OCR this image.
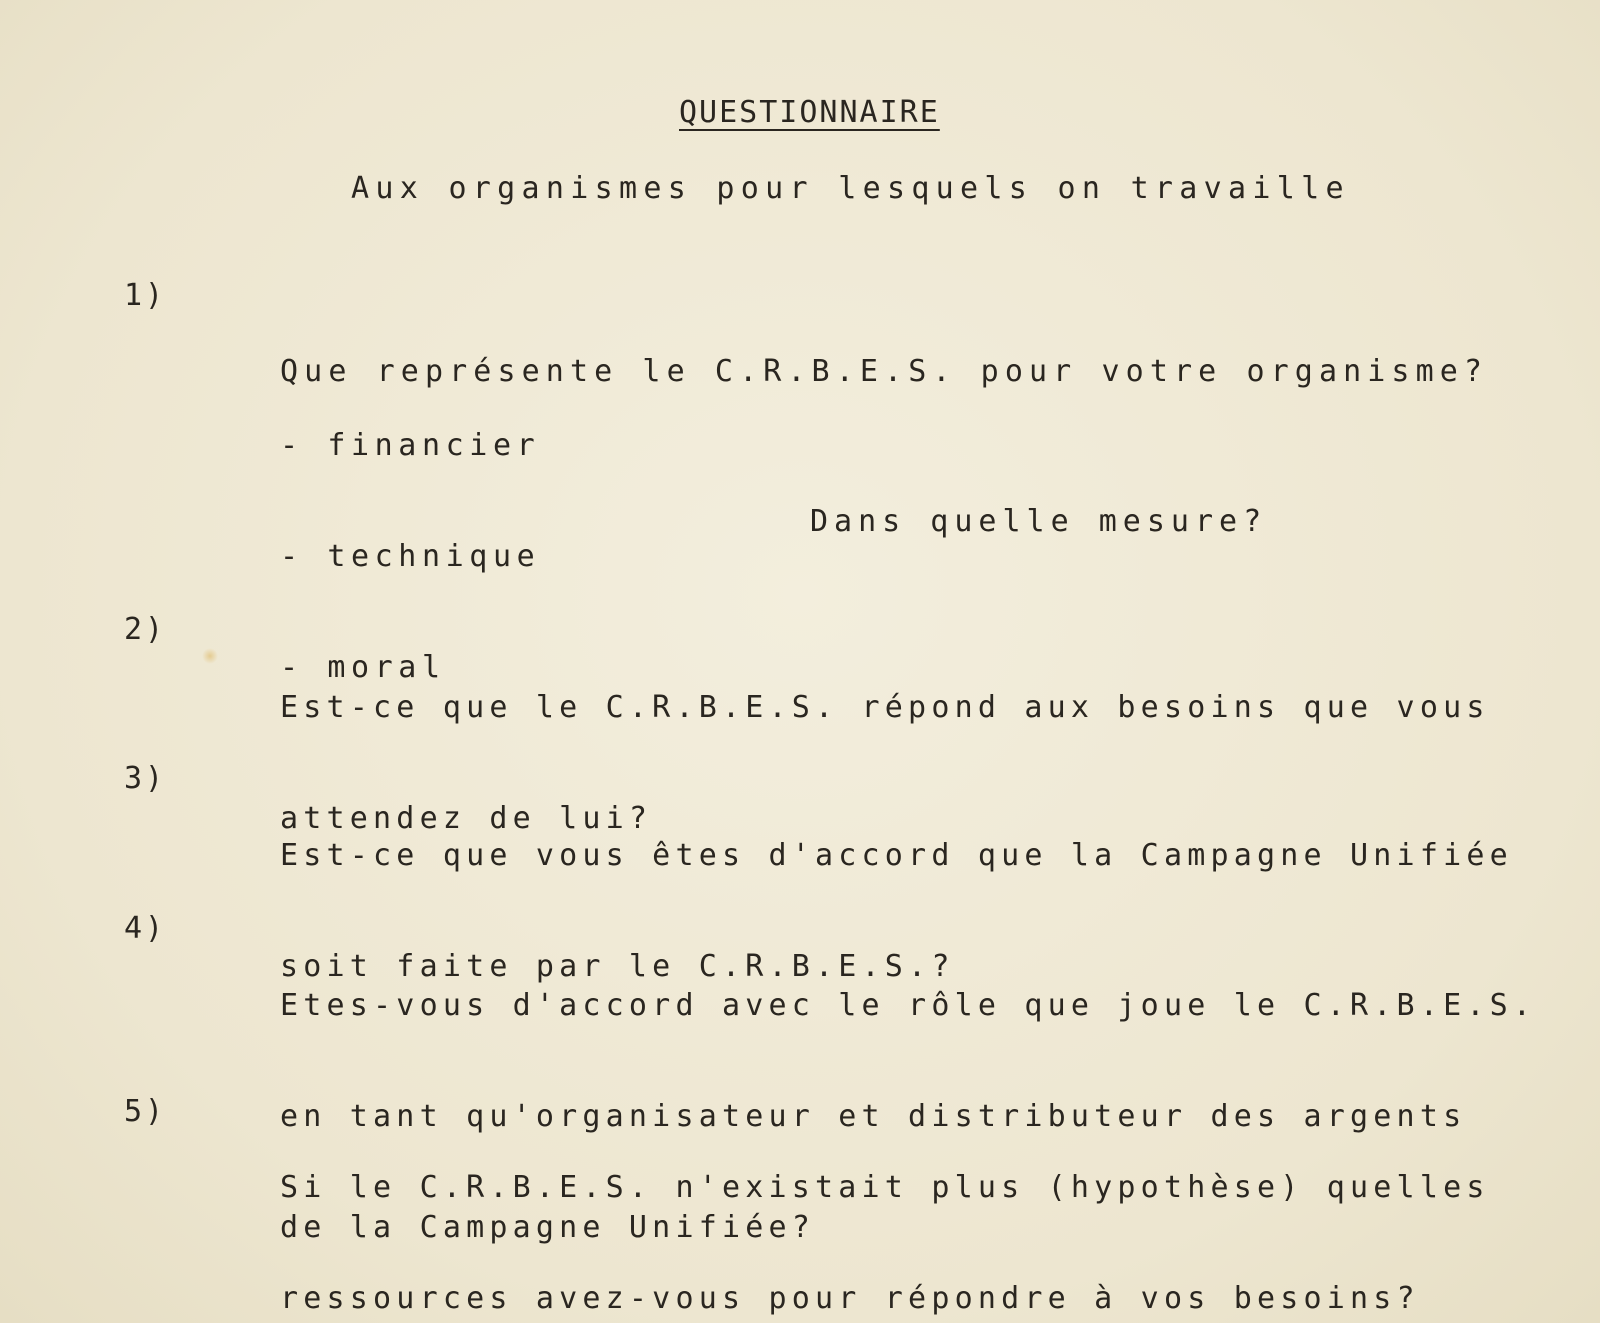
QUESTIONNAIRE
Aux organismes pour lesquels on travaille
1)

Que représente le C.R.B.E.S. pour votre organisme?

- financier

- technique

- moral

Dans quelle mesure?
2)

Est-ce que le C.R.B.E.S. répond aux besoins que vous

attendez de lui?

3)

Est-ce que vous êtes d'accord que la Campagne Unifiée

soit faite par le C.R.B.E.S.?

4)

Etes-vous d'accord avec le rôle que joue le C.R.B.E.S.

en tant qu'organisateur et distributeur des argents

de la Campagne Unifiée?

5)

Si le C.R.B.E.S. n'existait plus (hypothèse) quelles

ressources avez-vous pour répondre à vos besoins?
